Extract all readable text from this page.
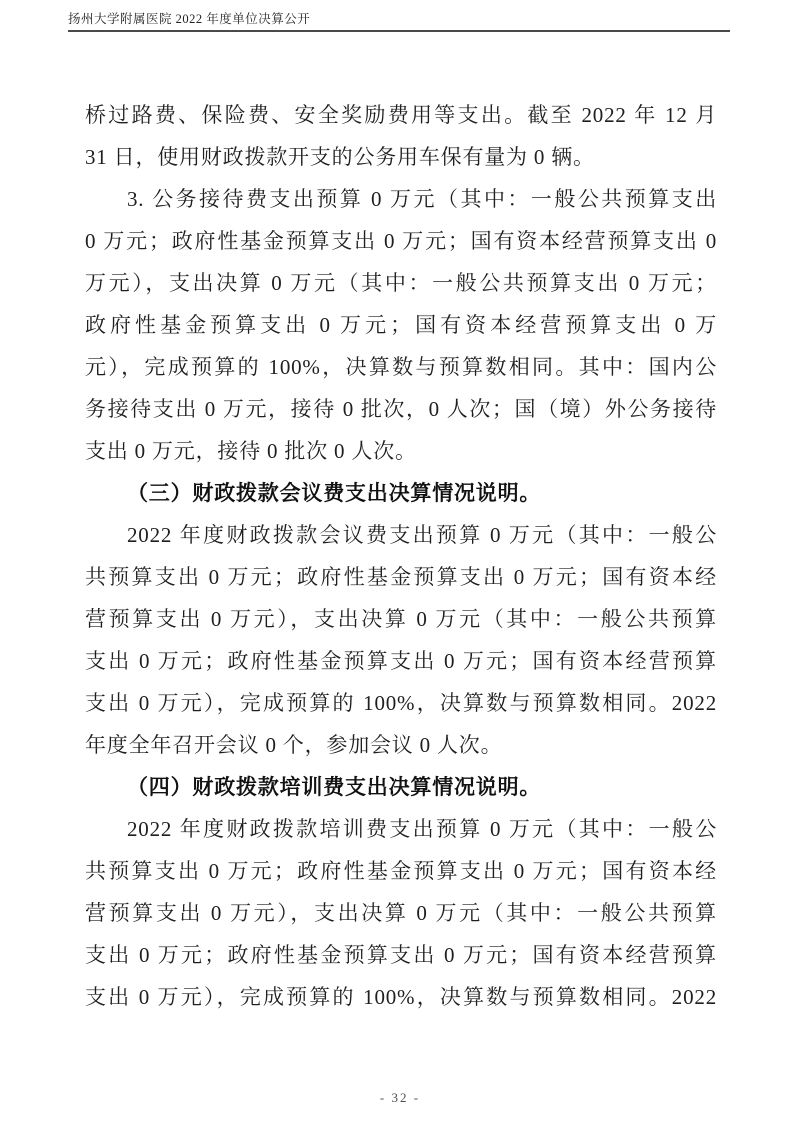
扬州大学附属医院 2022 年度单位决算公开
桥过路费、保险费、安全奖励费用等支出。截至 2022 年 12 月
31 日，使用财政拨款开支的公务用车保有量为 0 辆。
3. 公务接待费支出预算 0 万元（其中：一般公共预算支出
0 万元；政府性基金预算支出 0 万元；国有资本经营预算支出 0
万元），支出决算 0 万元（其中：一般公共预算支出 0 万元；
政府性基金预算支出 0 万元；国有资本经营预算支出 0 万
元），完成预算的 100%，决算数与预算数相同。其中：国内公
务接待支出 0 万元，接待 0 批次，0 人次；国（境）外公务接待
支出 0 万元，接待 0 批次 0 人次。
（三）财政拨款会议费支出决算情况说明。
2022 年度财政拨款会议费支出预算 0 万元（其中：一般公
共预算支出 0 万元；政府性基金预算支出 0 万元；国有资本经
营预算支出 0 万元），支出决算 0 万元（其中：一般公共预算
支出 0 万元；政府性基金预算支出 0 万元；国有资本经营预算
支出 0 万元），完成预算的 100%，决算数与预算数相同。2022
年度全年召开会议 0 个，参加会议 0 人次。
（四）财政拨款培训费支出决算情况说明。
2022 年度财政拨款培训费支出预算 0 万元（其中：一般公
共预算支出 0 万元；政府性基金预算支出 0 万元；国有资本经
营预算支出 0 万元），支出决算 0 万元（其中：一般公共预算
支出 0 万元；政府性基金预算支出 0 万元；国有资本经营预算
支出 0 万元），完成预算的 100%，决算数与预算数相同。2022
- 32 -
